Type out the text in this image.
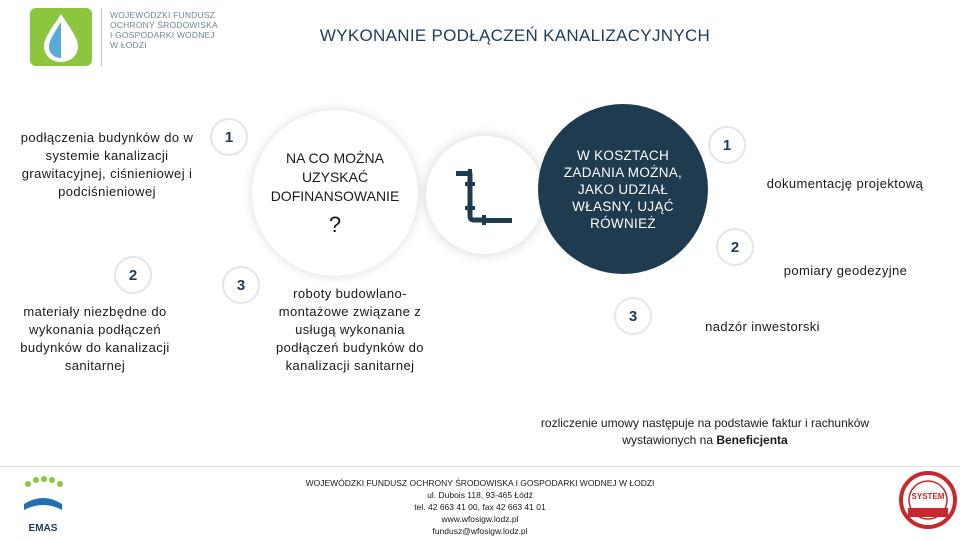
WOJEWÓDZKI FUNDUSZ
OCHRONY ŚRODOWISKA
I GOSPODARKI WODNEJ
W ŁODZI	WYKONANIE PODŁĄCZEŃ KANALIZACYJNYCH
1
podłączenia budynków do w systemie kanalizacji grawitacyjnej, ciśnieniowej i podciśnieniowej
2
materiały niezbędne do wykonania podłączeń budynków do kanalizacji sanitarnej
3	roboty budowlano-montażowe związane z usługą wykonania podłączeń budynków do kanalizacji sanitarnej
NA CO MOŻNA UZYSKAĆ DOFINANSOWANIE
?
W KOSZTACH ZADANIA MOŻNA, JAKO UDZIAŁ WŁASNY, UJĄĆ RÓWNIEŻ
1
dokumentację projektową
2
pomiary geodezyjne
3
nadzór inwestorski
rozliczenie umowy następuje na podstawie faktur i rachunków wystawionych na Beneficjenta
EMAS
WOJEWÓDZKI FUNDUSZ OCHRONY ŚRODOWISKA I GOSPODARKI WODNEJ W ŁODZI
ul. Dubois 118, 93-465 Łódź
tel. 42 663 41 00, fax 42 663 41 01
www.wfosigw.lodz.pl
fundusz@wfosigw.lodz.pl
SYSTEM
